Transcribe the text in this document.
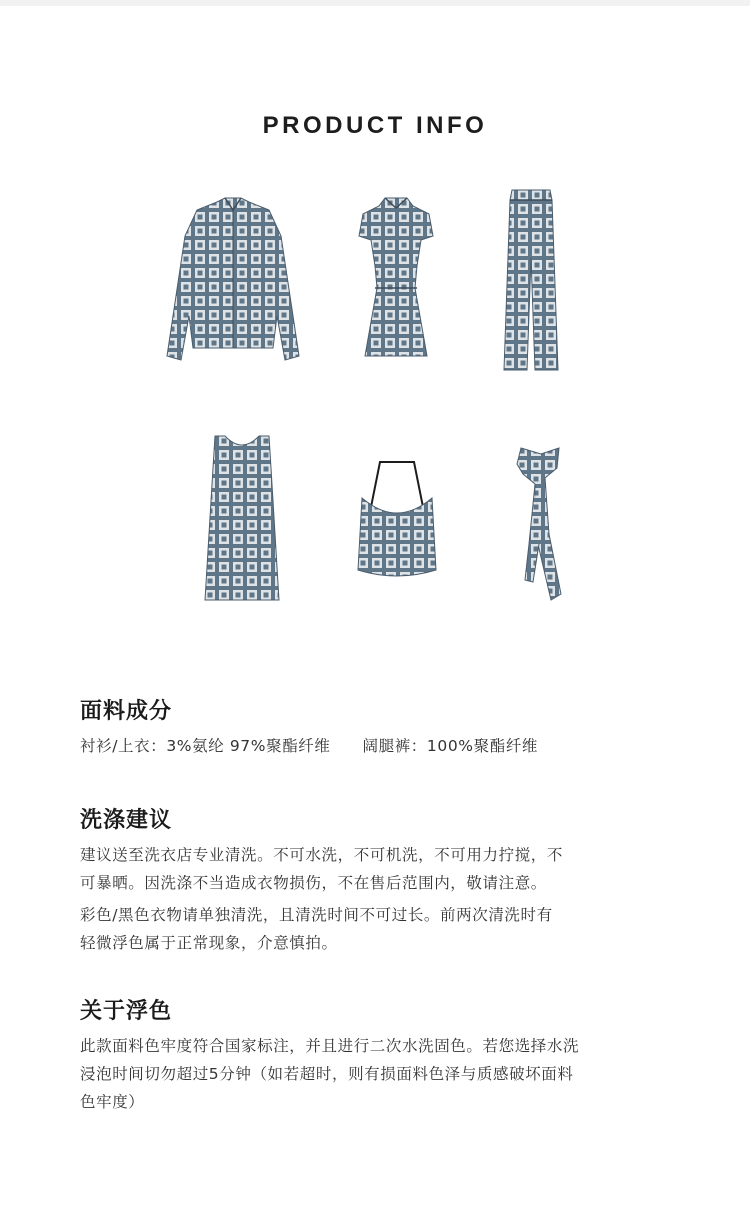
PRODUCT INFO
面料成分
衬衫/上衣：3%氨纶 97%聚酯纤维 阔腿裤：100%聚酯纤维
洗涤建议
建议送至洗衣店专业清洗。不可水洗，不可机洗，不可用力拧搅，不
可暴晒。因洗涤不当造成衣物损伤，不在售后范围内，敬请注意。
彩色/黑色衣物请单独清洗，且清洗时间不可过长。前两次清洗时有
轻微浮色属于正常现象，介意慎拍。
关于浮色
此款面料色牢度符合国家标注，并且进行二次水洗固色。若您选择水洗
浸泡时间切勿超过5分钟（如若超时，则有损面料色泽与质感破坏面料
色牢度）
